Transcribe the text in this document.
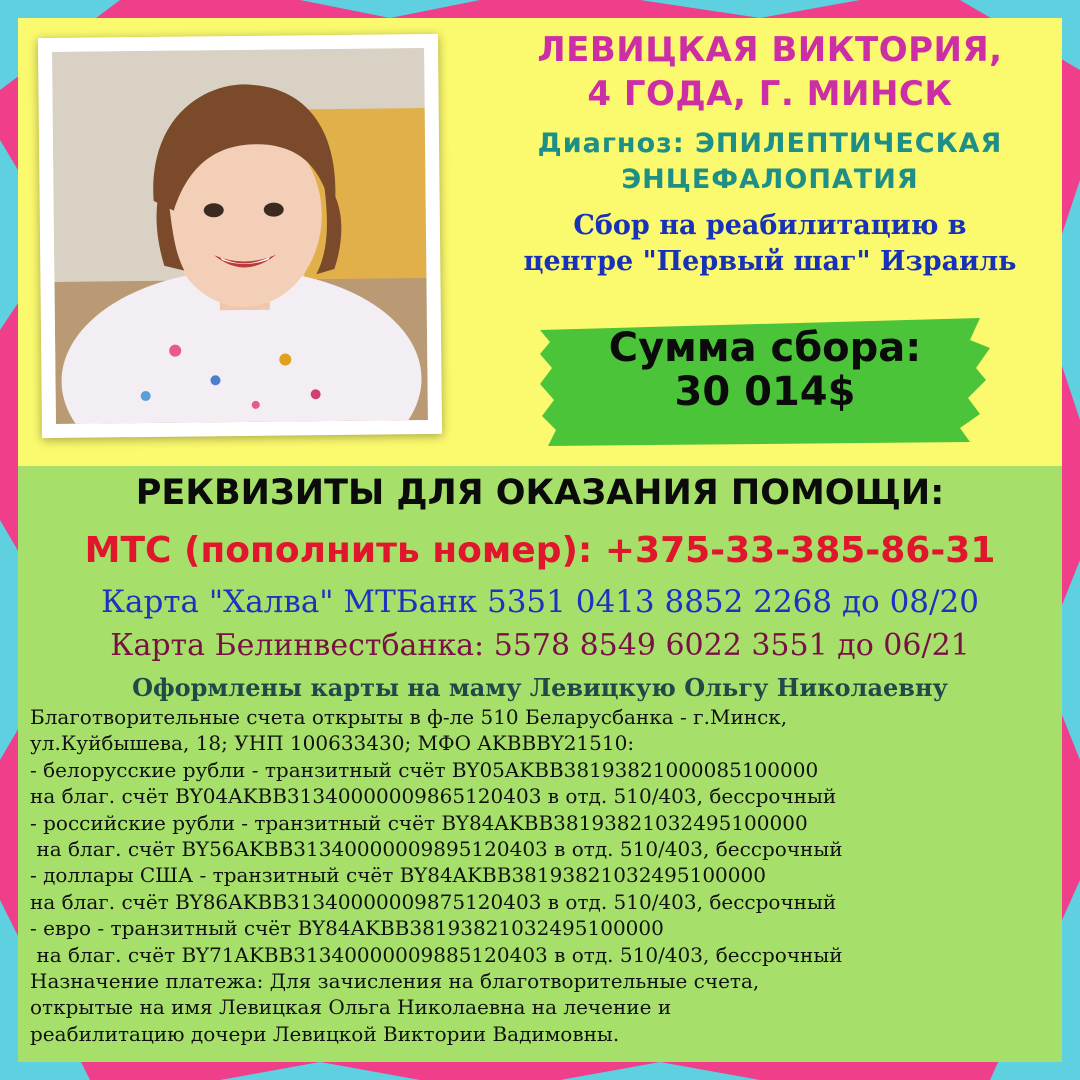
ЛЕВИЦКАЯ ВИКТОРИЯ,
4 ГОДА, Г. МИНСК
Диагноз: ЭПИЛЕПТИЧЕСКАЯ
ЭНЦЕФАЛОПАТИЯ
Сбор на реабилитацию в
центре "Первый шаг" Израиль
Сумма сбора:
30 014$
РЕКВИЗИТЫ ДЛЯ ОКАЗАНИЯ ПОМОЩИ:
МТС (пополнить номер): +375-33-385-86-31
Карта "Халва" МТБанк 5351 0413 8852 2268 до 08/20
Карта Белинвестбанка: 5578 8549 6022 3551 до 06/21
Оформлены карты на маму Левицкую Ольгу Николаевну
Благотворительные счета открыты в ф-ле 510 Беларусбанка - г.Минск,
ул.Куйбышева, 18; УНП 100633430; МФО AKBBBY21510:
- белорусские рубли - транзитный счёт BY05AKBB38193821000085100000
на благ. счёт BY04AKBB31340000009865120403 в отд. 510/403, бессрочный
- российские рубли - транзитный счёт BY84AKBB38193821032495100000
на благ. счёт BY56AKBB31340000009895120403 в отд. 510/403, бессрочный
- доллары США - транзитный счёт BY84AKBB38193821032495100000
на благ. счёт BY86AKBB31340000009875120403 в отд. 510/403, бессрочный
- евро - транзитный счёт BY84AKBB38193821032495100000
на благ. счёт BY71AKBB31340000009885120403 в отд. 510/403, бессрочный
Назначение платежа: Для зачисления на благотворительные счета,
открытые на имя Левицкая Ольга Николаевна на лечение и
реабилитацию дочери Левицкой Виктории Вадимовны.
